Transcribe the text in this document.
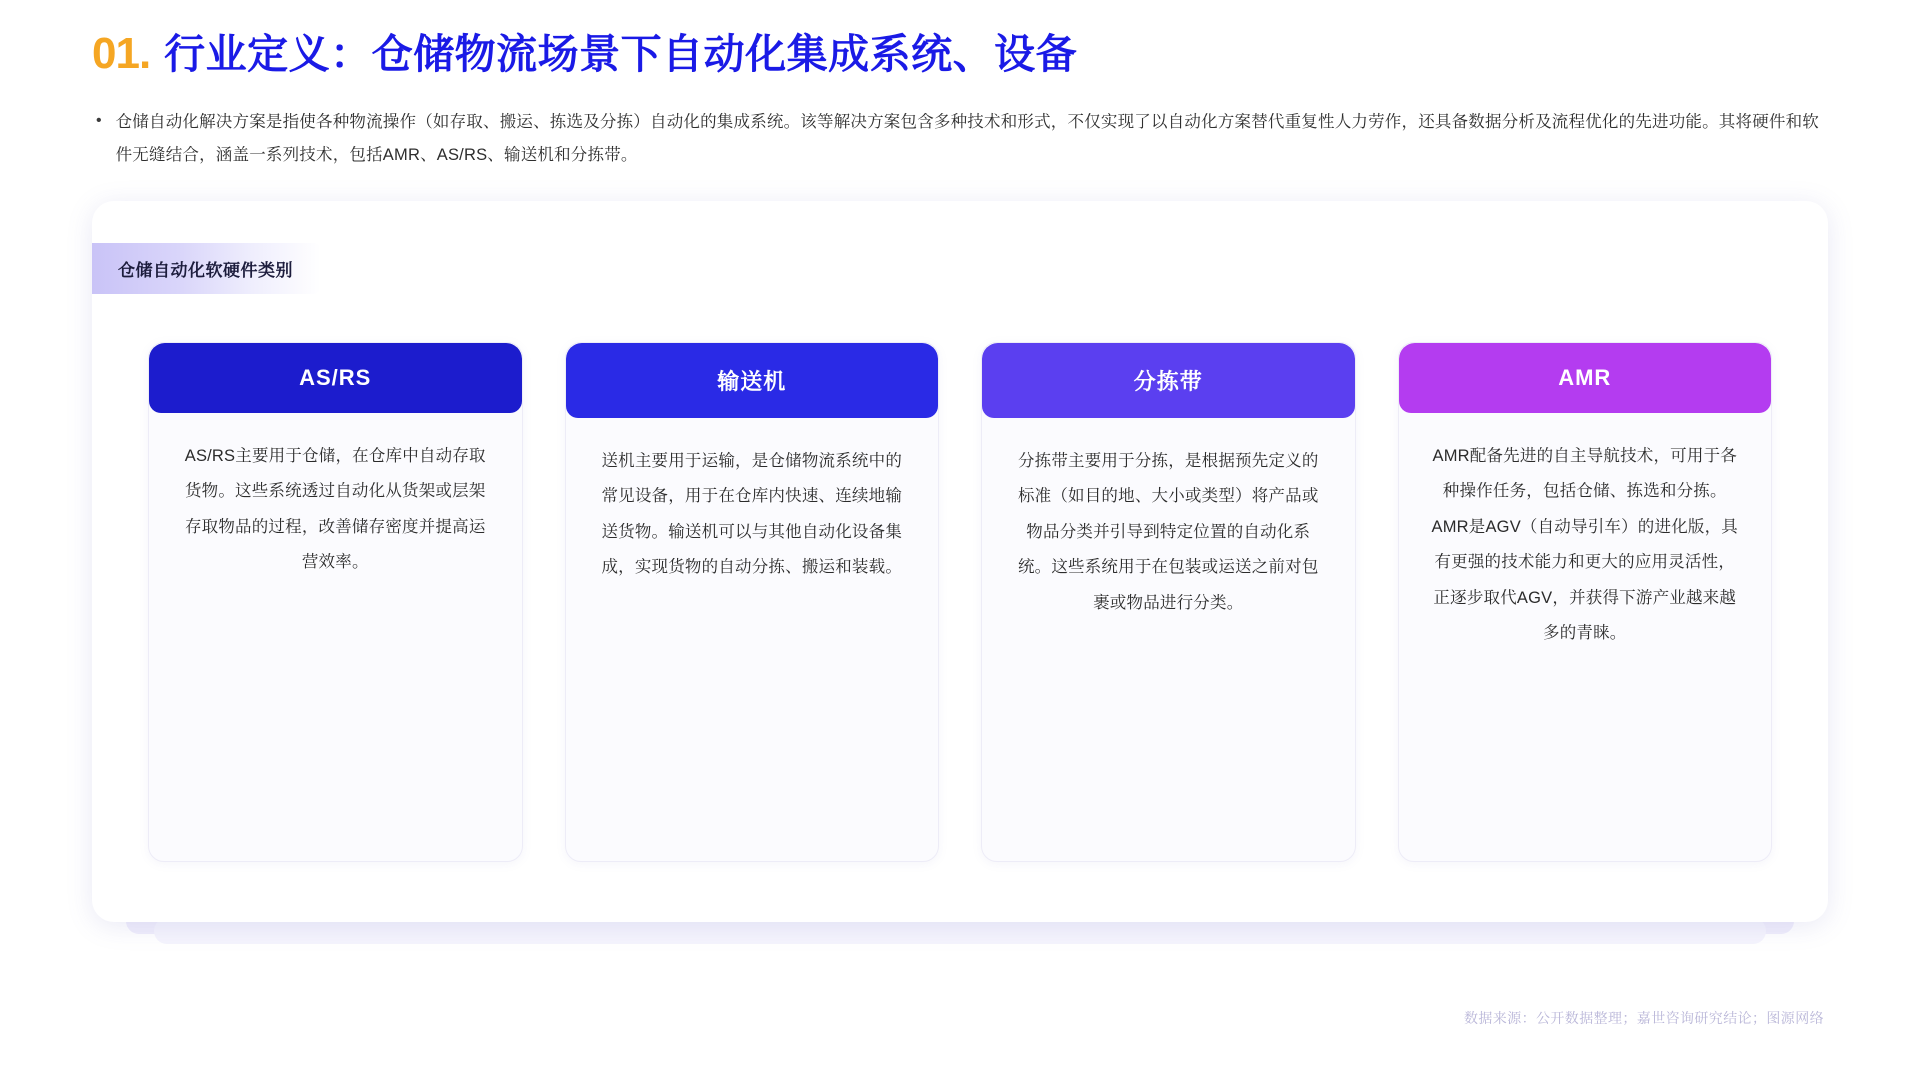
01. 行业定义：仓储物流场景下自动化集成系统、设备
• 仓储自动化解决方案是指使各种物流操作（如存取、搬运、拣选及分拣）自动化的集成系统。该等解决方案包含多种技术和形式，不仅实现了以自动化方案替代重复性人力劳作，还具备数据分析及流程优化的先进功能。其将硬件和软件无缝结合，涵盖一系列技术，包括AMR、AS/RS、输送机和分拣带。
仓储自动化软硬件类别
AS/RS
AS/RS主要用于仓储，在仓库中自动存取货物。这些系统透过自动化从货架或层架存取物品的过程，改善储存密度并提高运营效率。
输送机
送机主要用于运输，是仓储物流系统中的常见设备，用于在仓库内快速、连续地输送货物。输送机可以与其他自动化设备集成，实现货物的自动分拣、搬运和装载。
分拣带
分拣带主要用于分拣，是根据预先定义的标准（如目的地、大小或类型）将产品或物品分类并引导到特定位置的自动化系统。这些系统用于在包装或运送之前对包裹或物品进行分类。
AMR
AMR配备先进的自主导航技术，可用于各种操作任务，包括仓储、拣选和分拣。AMR是AGV（自动导引车）的进化版，具有更强的技术能力和更大的应用灵活性，正逐步取代AGV，并获得下游产业越来越多的青睐。
数据来源：公开数据整理；嘉世咨询研究结论；图源网络
